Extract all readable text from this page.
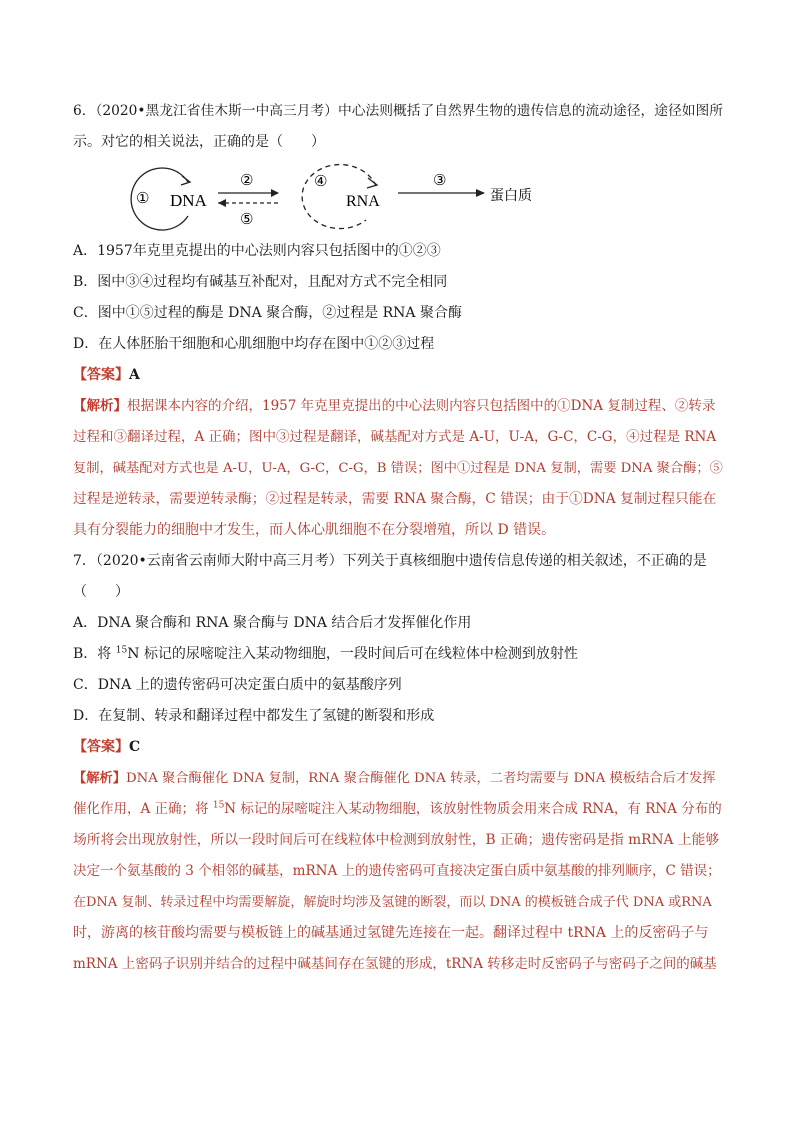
6．（2020•黑龙江省佳木斯一中高三月考）中心法则概括了自然界生物的遗传信息的流动途径，途径如图所
示。对它的相关说法，正确的是（　　）
① DNA
②
⑤
④
RNA
③
蛋白质
A．1957年克里克提出的中心法则内容只包括图中的①②③
B．图中③④过程均有碱基互补配对，且配对方式不完全相同
C．图中①⑤过程的酶是 DNA 聚合酶，②过程是 RNA 聚合酶
D．在人体胚胎干细胞和心肌细胞中均存在图中①②③过程
【答案】A
【解析】根据课本内容的介绍，1957 年克里克提出的中心法则内容只包括图中的①DNA 复制过程、②转录
过程和③翻译过程，A 正确；图中③过程是翻译，碱基配对方式是 A-U，U-A，G-C，C-G，④过程是 RNA
复制，碱基配对方式也是 A-U，U-A，G-C，C-G，B 错误；图中①过程是 DNA 复制，需要 DNA 聚合酶；⑤
过程是逆转录，需要逆转录酶；②过程是转录，需要 RNA 聚合酶，C 错误；由于①DNA 复制过程只能在
具有分裂能力的细胞中才发生，而人体心肌细胞不在分裂增殖，所以 D 错误。
7．（2020•云南省云南师大附中高三月考）下列关于真核细胞中遗传信息传递的相关叙述，不正确的是
（　　）
A．DNA 聚合酶和 RNA 聚合酶与 DNA 结合后才发挥催化作用
B．将 $^{15}$N 标记的尿嘧啶注入某动物细胞，一段时间后可在线粒体中检测到放射性
C．DNA 上的遗传密码可决定蛋白质中的氨基酸序列
D．在复制、转录和翻译过程中都发生了氢键的断裂和形成
【答案】C
【解析】DNA 聚合酶催化 DNA 复制，RNA 聚合酶催化 DNA 转录，二者均需要与 DNA 模板结合后才发挥
催化作用，A 正确；将 $^{15}$N 标记的尿嘧啶注入某动物细胞，该放射性物质会用来合成 RNA，有 RNA 分布的
场所将会出现放射性，所以一段时间后可在线粒体中检测到放射性，B 正确；遗传密码是指 mRNA 上能够
决定一个氨基酸的 3 个相邻的碱基，mRNA 上的遗传密码可直接决定蛋白质中氨基酸的排列顺序，C 错误；
在DNA 复制、转录过程中均需要解旋，解旋时均涉及氢键的断裂，而以 DNA 的模板链合成子代 DNA 或RNA
时，游离的核苷酸均需要与模板链上的碱基通过氢键先连接在一起。翻译过程中 tRNA 上的反密码子与
mRNA 上密码子识别并结合的过程中碱基间存在氢键的形成，tRNA 转移走时反密码子与密码子之间的碱基
